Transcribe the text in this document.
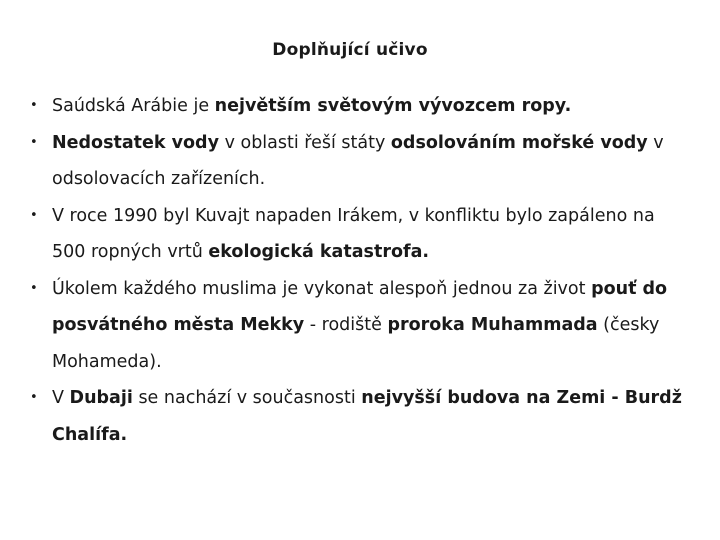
Doplňující učivo
• Saúdská Arábie je největším světovým vývozcem ropy.
• Nedostatek vody v oblasti řeší státy odsolováním mořské vody v odsolovacích zařízeních.
• V roce 1990 byl Kuvajt napaden Irákem, v konfliktu bylo zapáleno na 500 ropných vrtů ekologická katastrofa.
• Úkolem každého muslima je vykonat alespoň jednou za život pouť do posvátného města Mekky - rodiště proroka Muhammada (česky Mohameda).
• V Dubaji se nachází v současnosti nejvyšší budova na Zemi - Burdž Chalífa.
